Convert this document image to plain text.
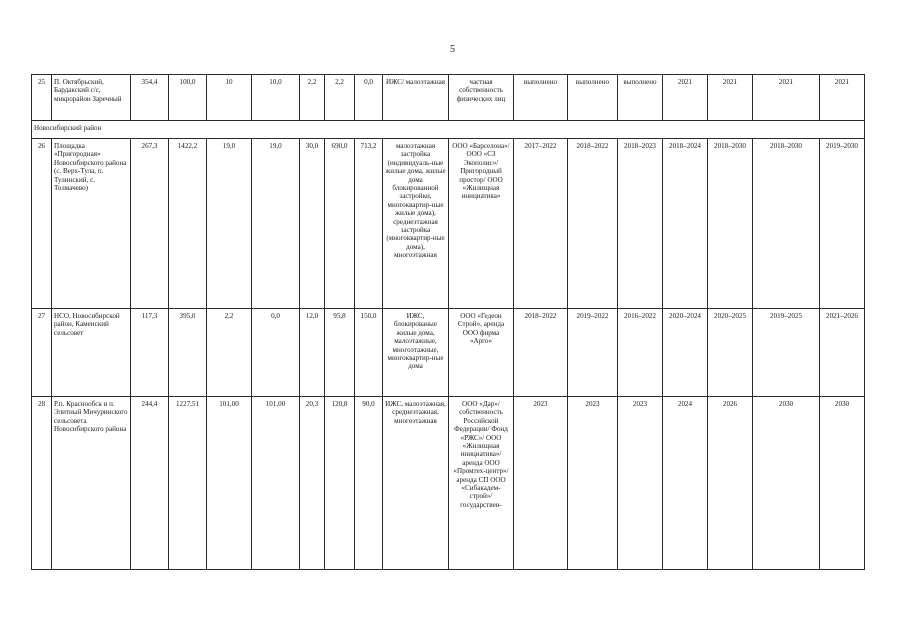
5
25	П. Октябрьский, Бардакский с/с, микрорайон Заречный	354,4	100,0	10	10,0	2,2	2,2	0,0	ИЖС/ малоэтажная	частная собственность физических лиц	выполнено	выполнено	выполнено	2021	2021	2021	2021
Новосибирский район																	
26	Площадка «Пригородная» Новосибирского района (с. Верх-Тула, п. Тулинский, с. Толмачево)	267,3	1422,2	19,0	19,0	30,0	690,0	713,2	малоэтажная застройка (индивидуаль-ные жилые дома, жилые дома блокированной застройки, многоквартир-ные жилые дома), среднеэтажная застройка (многоквартир-ные дома), многоэтажная	ООО «Барселона»/ ООО «СЗ Экополис»/ Пригородный простор/ ООО «Жилищная инициатива»	2017–2022	2018–2022	2018–2023	2018–2024	2018–2030	2018–2030	2019–2030
27	НСО, Новосибирской район, Каменский сельсовет	117,3	395,0	2,2	0,0	12,0	95,8	150,0	ИЖС, блокированые жилые дома, малоэтажные, многоэтажные, многоквартир-ные дома	ООО «Гедеон Строй», аренда ООО фирма «Арго»	2018–2022	2019–2022	2016–2022	2020–2024	2020–2025	2019–2025	2021–2026
28	Р.п. Краснообск и п. Элитный Мичуринского сельсовета Новосибирского района	244,4	1227,51	101,00	101,00	20,3	120,8	90,0	ИЖС, малоэтажная, среднеэтажная, многоэтажная	ООО «Дар»/ собственность Российской Федерации/ Фонд «РЖС»/ ООО «Жилищная инициатива»/ аренда ООО «Промтех-центр»/ аренда СП ООО «Сибакадем-строй»/ государствен-	2023	2023	2023	2024	2026	2030	2030
